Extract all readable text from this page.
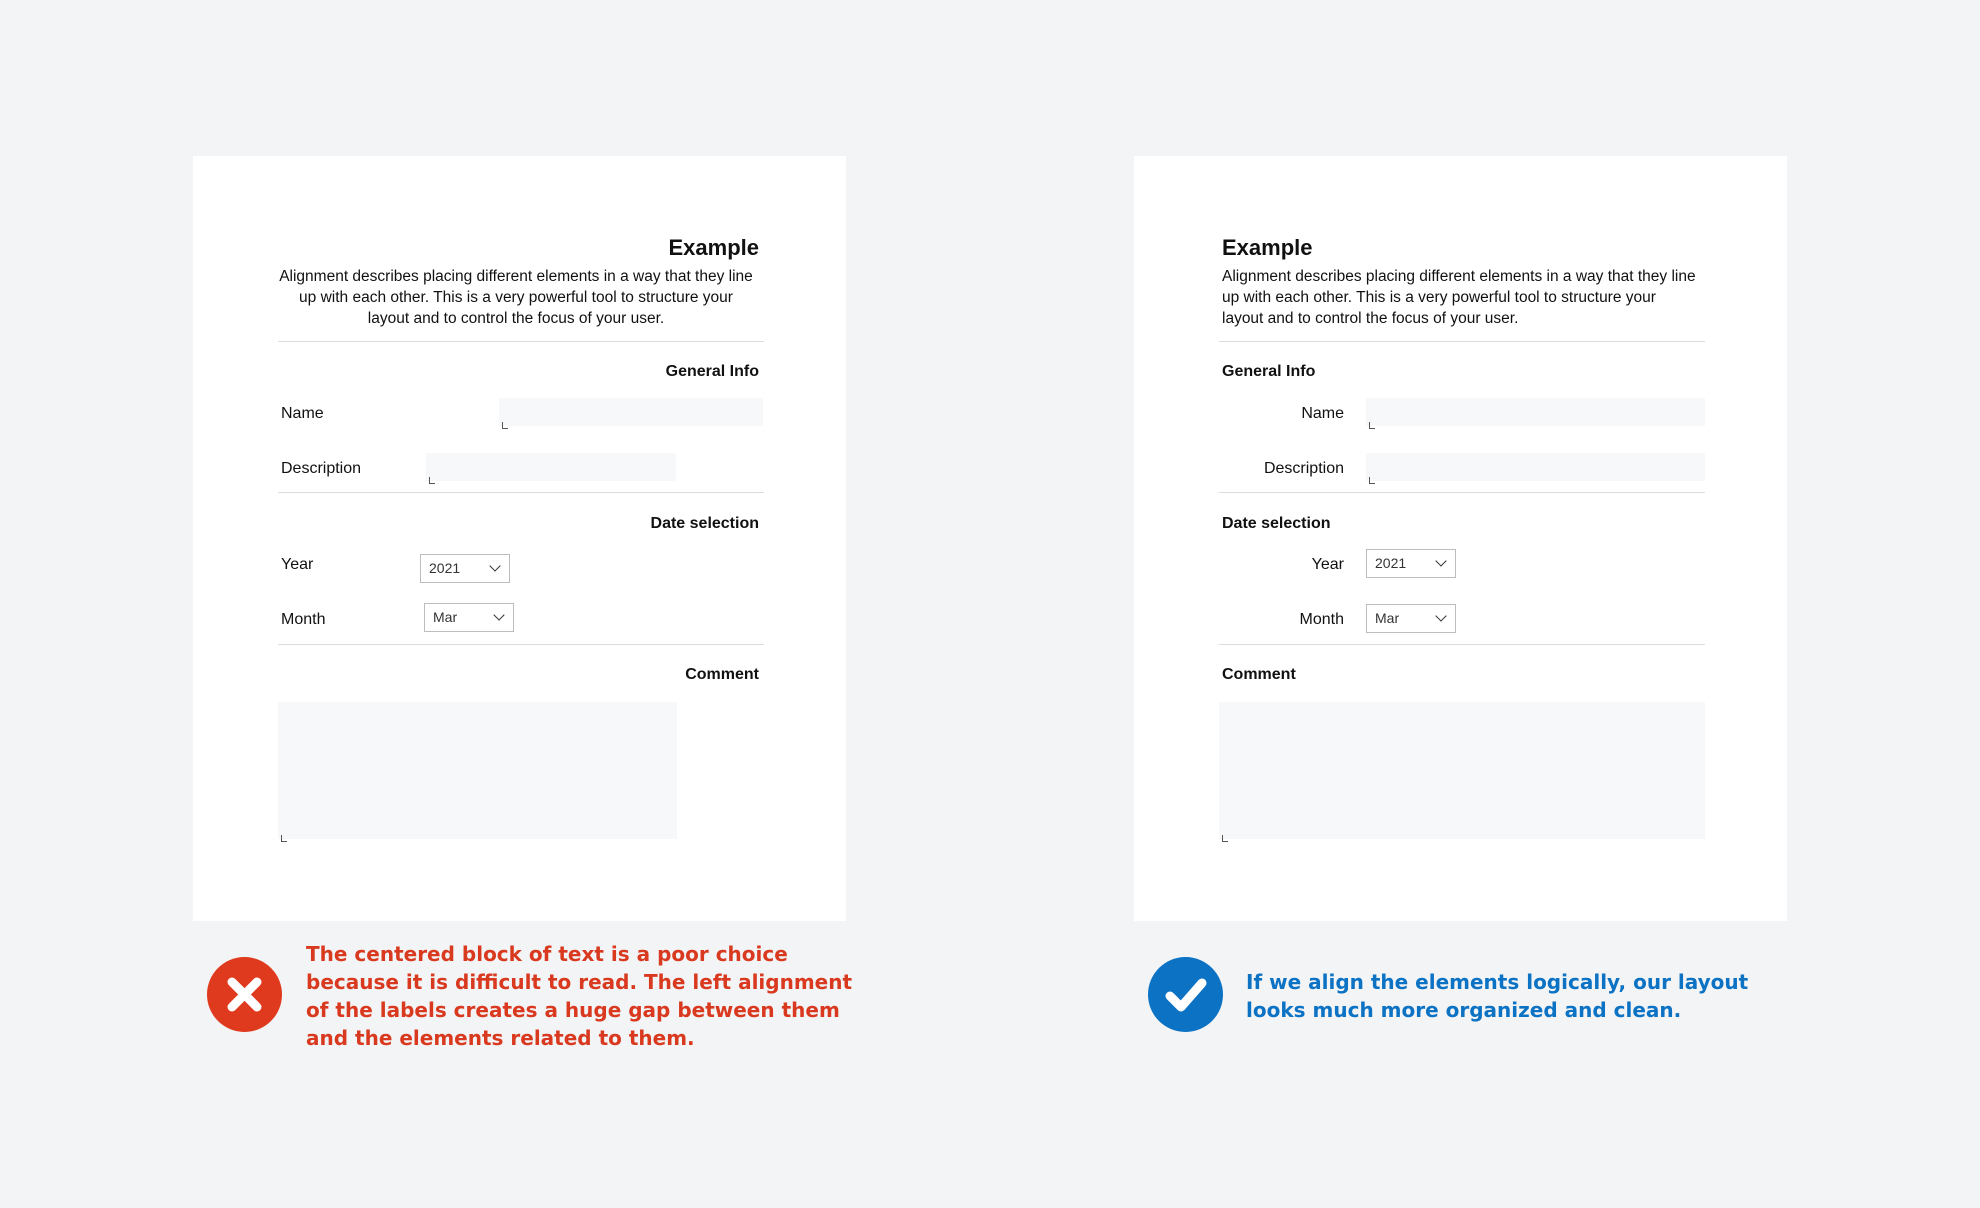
Example

Alignment describes placing different elements in a way that they line up with each other. This is a very powerful tool to structure your layout and to control the focus of your user.

General Info
Name
Description
Date selection
Year	2021
Month	Mar
Comment
Example

Alignment describes placing different elements in a way that they line up with each other. This is a very powerful tool to structure your layout and to control the focus of your user.

General Info
Name
Description
Date selection
Year	2021
Month	Mar
Comment

The centered block of text is a poor choice
because it is difficult to read. The left alignment
of the labels creates a huge gap between them
and the elements related to them.

If we align the elements logically, our layout
looks much more organized and clean.
